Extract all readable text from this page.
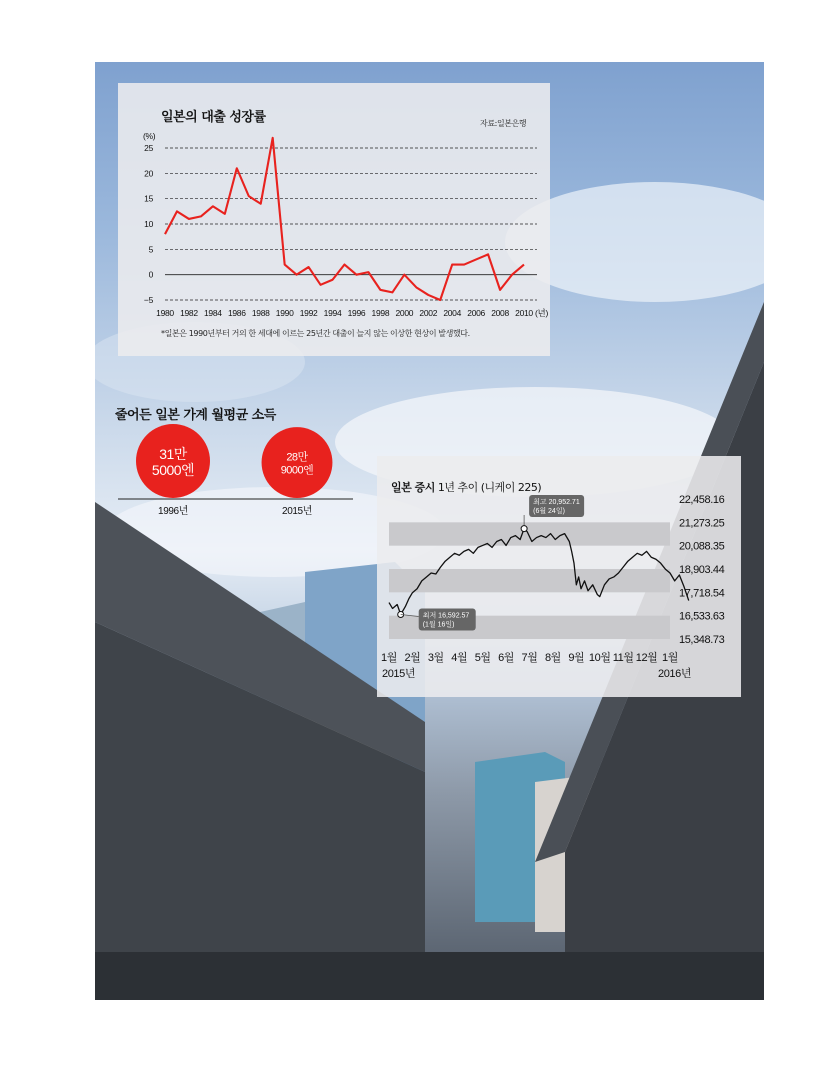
일본의 대출 성장률	자료:일본은행
(%)
−5
0
5
10
15
20
25
1980 1982 1984 1986 1988 1990 1992 1994 1996 1998 2000 2002 2004 2006 2008 2010 (년)
*일본은 1990년부터 거의 한 세대에 이르는 25년간 대출이 늘지 않는 이상한 현상이 발생했다.
줄어든 일본 가계 월평균 소득
31만
5000엔
1996년
28만
9000엔
2015년
일본 증시 1년 추이 (니케이 225)
22,458.16
21,273.25
20,088.35
18,903.44
17,718.54
16,533.63
15,348.73
최고 20,952.71
(6월 24일)
최저 16,592.57
(1월 16일)
1월 2월 3월 4월 5월 6월 7월 8월 9월 10월 11월 12월 1월
2015년	2016년
